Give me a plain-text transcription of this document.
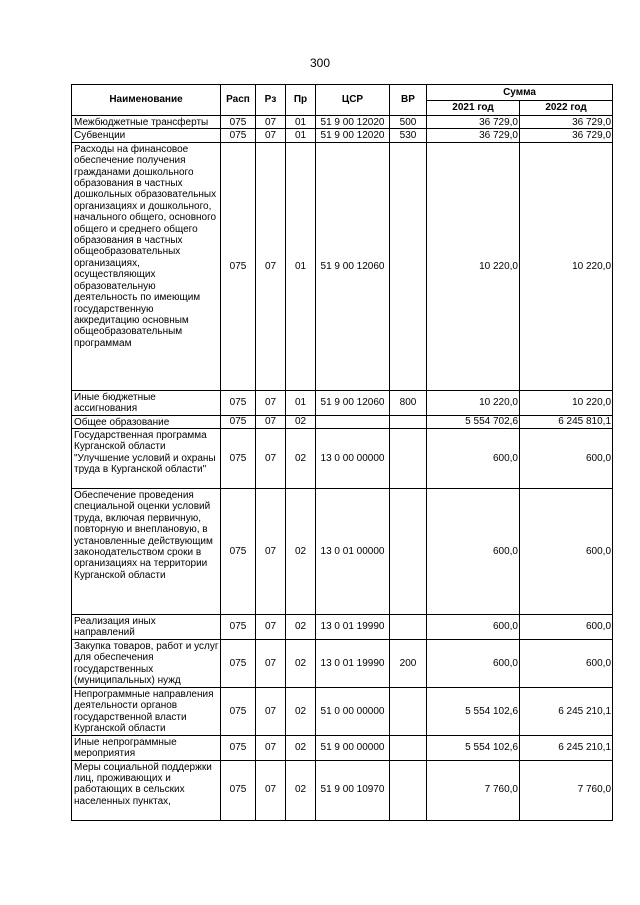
300
Наименование	Расп	Рз	Пр	ЦСР	ВР	Сумма	
						2021 год	2022 год
Межбюджетные трансферты	075	07	01	51 9 00 12020	500	36 729,0	36 729,0
Субвенции	075	07	01	51 9 00 12020	530	36 729,0	36 729,0
Расходы на финансовое обеспечение получения гражданами дошкольного образования в частных дошкольных образовательных организациях и дошкольного, начального общего, основного общего и среднего общего образования в частных общеобразовательных организациях, осуществляющих образовательную деятельность по имеющим государственную аккредитацию основным общеобразовательным программам	075	07	01	51 9 00 12060		10 220,0	10 220,0
Иные бюджетные ассигнования	075	07	01	51 9 00 12060	800	10 220,0	10 220,0
Общее образование	075	07	02			5 554 702,6	6 245 810,1
Государственная программа Курганской области "Улучшение условий и охраны труда в Курганской области"	075	07	02	13 0 00 00000		600,0	600,0
Обеспечение проведения специальной оценки условий труда, включая первичную, повторную и внеплановую, в установленные действующим законодательством сроки в организациях на территории Курганской области	075	07	02	13 0 01 00000		600,0	600,0
Реализация иных направлений	075	07	02	13 0 01 19990		600,0	600,0
Закупка товаров, работ и услуг для обеспечения государственных (муниципальных) нужд	075	07	02	13 0 01 19990	200	600,0	600,0
Непрограммные направления деятельности органов государственной власти Курганской области	075	07	02	51 0 00 00000		5 554 102,6	6 245 210,1
Иные непрограммные мероприятия	075	07	02	51 9 00 00000		5 554 102,6	6 245 210,1
Меры социальной поддержки лиц, проживающих и работающих в сельских населенных пунктах,	075	07	02	51 9 00 10970		7 760,0	7 760,0
